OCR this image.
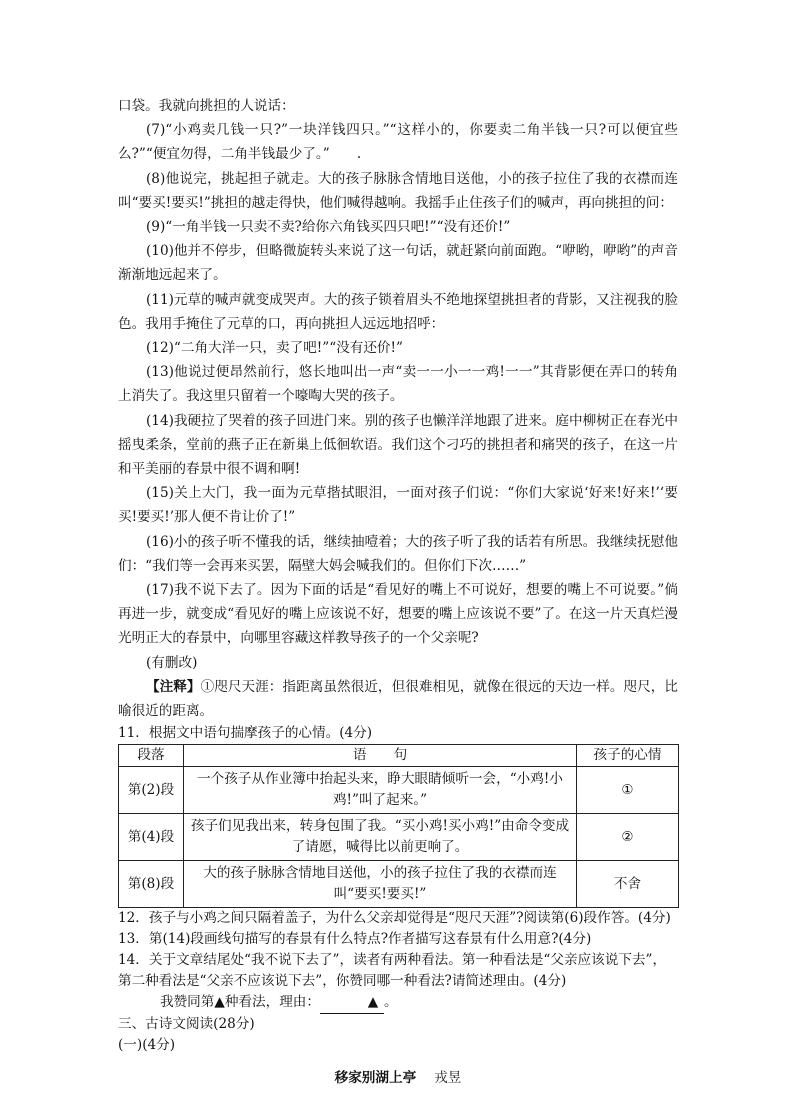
口袋。我就向挑担的人说话：

(7)“小鸡卖几钱一只?”一块洋钱四只。”“这样小的，你要卖二角半钱一只?可以便宜些么?”“便宜勿得，二角半钱最少了。”　　.

(8)他说完，挑起担子就走。大的孩子脉脉含情地目送他，小的孩子拉住了我的衣襟而连叫“要买!要买!”挑担的越走得快，他们喊得越响。我摇手止住孩子们的喊声，再向挑担的问：

(9)“一角半钱一只卖不卖?给你六角钱买四只吧!”“没有还价!”

(10)他并不停步，但略微旋转头来说了这一句话，就赶紧向前面跑。“咿哟，咿哟”的声音渐渐地远起来了。

(11)元草的喊声就变成哭声。大的孩子锁着眉头不绝地探望挑担者的背影，又注视我的脸色。我用手掩住了元草的口，再向挑担人远远地招呼：

(12)“二角大洋一只，卖了吧!”“没有还价!”

(13)他说过便昂然前行，悠长地叫出一声“卖一一小一一鸡!一一”其背影便在弄口的转角上消失了。我这里只留着一个嚎啕大哭的孩子。

(14)我硬拉了哭着的孩子回进门来。别的孩子也懒洋洋地跟了进来。庭中柳树正在春光中摇曳柔条，堂前的燕子正在新巢上低徊软语。我们这个刁巧的挑担者和痛哭的孩子，在这一片和平美丽的春景中很不调和啊!

(15)关上大门，我一面为元草揩拭眼泪，一面对孩子们说：“你们大家说‘好来!好来!’‘要买!要买!’那人便不肯让价了!”

(16)小的孩子听不懂我的话，继续抽噎着；大的孩子听了我的话若有所思。我继续抚慰他们：“我们等一会再来买罢，隔壁大妈会喊我们的。但你们下次……”

(17)我不说下去了。因为下面的话是“看见好的嘴上不可说好，想要的嘴上不可说要。”倘再进一步，就变成“看见好的嘴上应该说不好，想要的嘴上应该说不要”了。在这一片天真烂漫光明正大的春景中，向哪里容藏这样教导孩子的一个父亲呢?

(有删改)

【注释】①咫尺天涯：指距离虽然很近，但很难相见，就像在很远的天边一样。咫尺，比喻很近的距离。

11．根据文中语句揣摩孩子的心情。(4分)

段落	语　　句	孩子的心情
第(2)段	一个孩子从作业簿中抬起头来，睁大眼睛倾听一会，“小鸡!小鸡!”叫了起来。”	①
第(4)段	孩子们见我出来，转身包围了我。“买小鸡!买小鸡!”由命令变成了请愿，喊得比以前更响了。	②
第(8)段	大的孩子脉脉含情地目送他，小的孩子拉住了我的衣襟而连叫“要买!要买!”	不舍

12．孩子与小鸡之间只隔着盖子，为什么父亲却觉得是“咫尺天涯”?阅读第(6)段作答。(4分)

13．第(14)段画线句描写的春景有什么特点?作者描写这春景有什么用意?(4分)

14．关于文章结尾处“我不说下去了”，读者有两种看法。第一种看法是“父亲应该说下去”，第二种看法是“父亲不应该说下去”，你赞同哪一种看法?请简述理由。(4分)

我赞同第▲种看法，理由：	▲ 。

三、古诗文阅读(28分)

(一)(4分)

移家别湖上亭 戎昱
